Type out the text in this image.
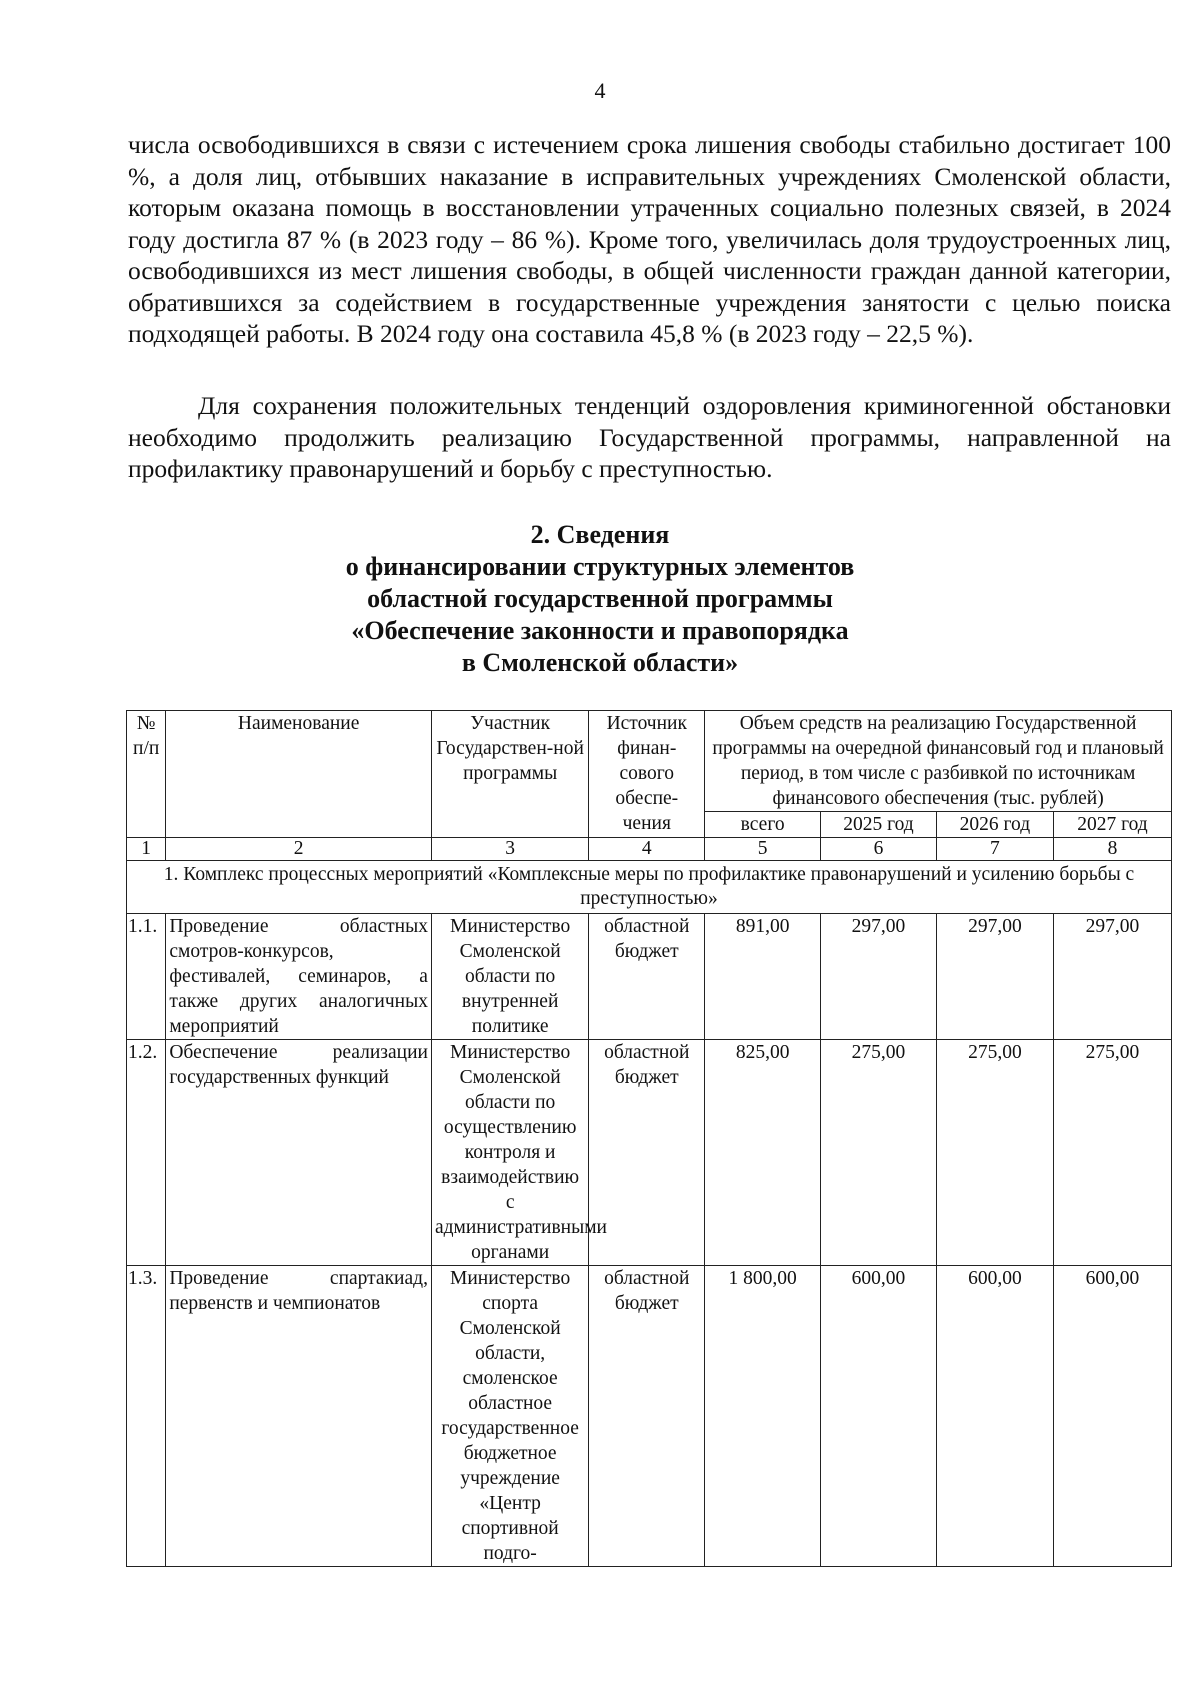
4

числа освободившихся в связи с истечением срока лишения свободы стабильно достигает 100 %, а доля лиц, отбывших наказание в исправительных учреждениях Смоленской области, которым оказана помощь в восстановлении утраченных социально полезных связей, в 2024 году достигла 87 % (в 2023 году – 86 %). Кроме того, увеличилась доля трудоустроенных лиц, освободившихся из мест лишения свободы, в общей численности граждан данной категории, обратившихся за содействием в государственные учреждения занятости с целью поиска подходящей работы. В 2024 году она составила 45,8 % (в 2023 году – 22,5 %).

Для сохранения положительных тенденций оздоровления криминогенной обстановки необходимо продолжить реализацию Государственной программы, направленной на профилактику правонарушений и борьбу с преступностью.

2. Сведения
о финансировании структурных элементов
областной государственной программы
«Обеспечение законности и правопорядка
в Смоленской области»
№ п/п	Наименование	Участник Государствен-ной программы	Источник финан-сового обеспе-чения	Объем средств на реализацию Государственной программы на очередной финансовый год и плановый период, в том числе с разбивкой по источникам финансового обеспечения (тыс. рублей)			
				всего	2025 год	2026 год	2027 год
1	2	3	4	5	6	7	8
1. Комплекс процессных мероприятий «Комплексные меры по профилактике правонарушений и усилению борьбы с преступностью»							
1.1.	Проведение областных смотров-конкурсов, фестивалей, семинаров, а также других аналогичных мероприятий	Министерство Смоленской области по внутренней политике	областной бюджет	891,00	297,00	297,00	297,00
1.2.	Обеспечение реализации государственных функций	Министерство Смоленской области по осуществлению контроля и взаимодействию с административными органами	областной бюджет	825,00	275,00	275,00	275,00
1.3.	Проведение спартакиад, первенств и чемпионатов	Министерство спорта Смоленской области, смоленское областное государственное бюджетное учреждение «Центр спортивной подго-	областной бюджет	1 800,00	600,00	600,00	600,00
